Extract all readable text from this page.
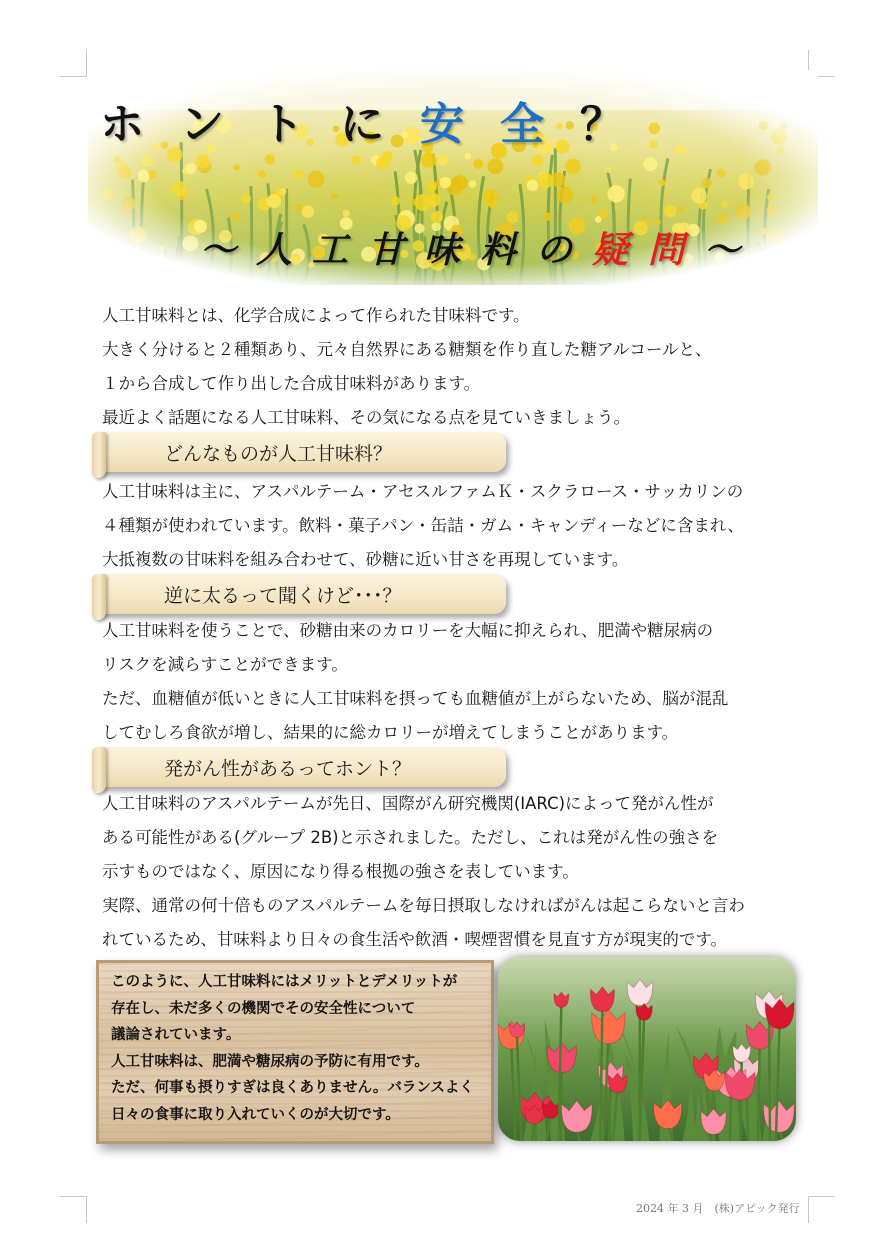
ホントに安全？
～人工甘味料の疑問～
人工甘味料とは、化学合成によって作られた甘味料です。
大きく分けると２種類あり、元々自然界にある糖類を作り直した糖アルコールと、
１から合成して作り出した合成甘味料があります。
最近よく話題になる人工甘味料、その気になる点を見ていきましょう。
どんなものが人工甘味料？
人工甘味料は主に、アスパルテーム・アセスルファムＫ・スクラロース・サッカリンの
４種類が使われています。飲料・菓子パン・缶詰・ガム・キャンディーなどに含まれ、
大抵複数の甘味料を組み合わせて、砂糖に近い甘さを再現しています。
逆に太るって聞くけど･･･？
人工甘味料を使うことで、砂糖由来のカロリーを大幅に抑えられ、肥満や糖尿病の
リスクを減らすことができます。
ただ、血糖値が低いときに人工甘味料を摂っても血糖値が上がらないため、脳が混乱
してむしろ食欲が増し、結果的に総カロリーが増えてしまうことがあります。
発がん性があるってホント？
人工甘味料のアスパルテームが先日、国際がん研究機関(IARC)によって発がん性が
ある可能性がある(グループ 2B)と示されました。ただし、これは発がん性の強さを
示すものではなく、原因になり得る根拠の強さを表しています。
実際、通常の何十倍ものアスパルテームを毎日摂取しなければがんは起こらないと言わ
れているため、甘味料より日々の食生活や飲酒・喫煙習慣を見直す方が現実的です。
このように、人工甘味料にはメリットとデメリットが
存在し、未だ多くの機関でその安全性について
議論されています。
人工甘味料は、肥満や糖尿病の予防に有用です。
ただ、何事も摂りすぎは良くありません。バランスよく
日々の食事に取り入れていくのが大切です。
2024 年 3 月　(株)アピック発行
